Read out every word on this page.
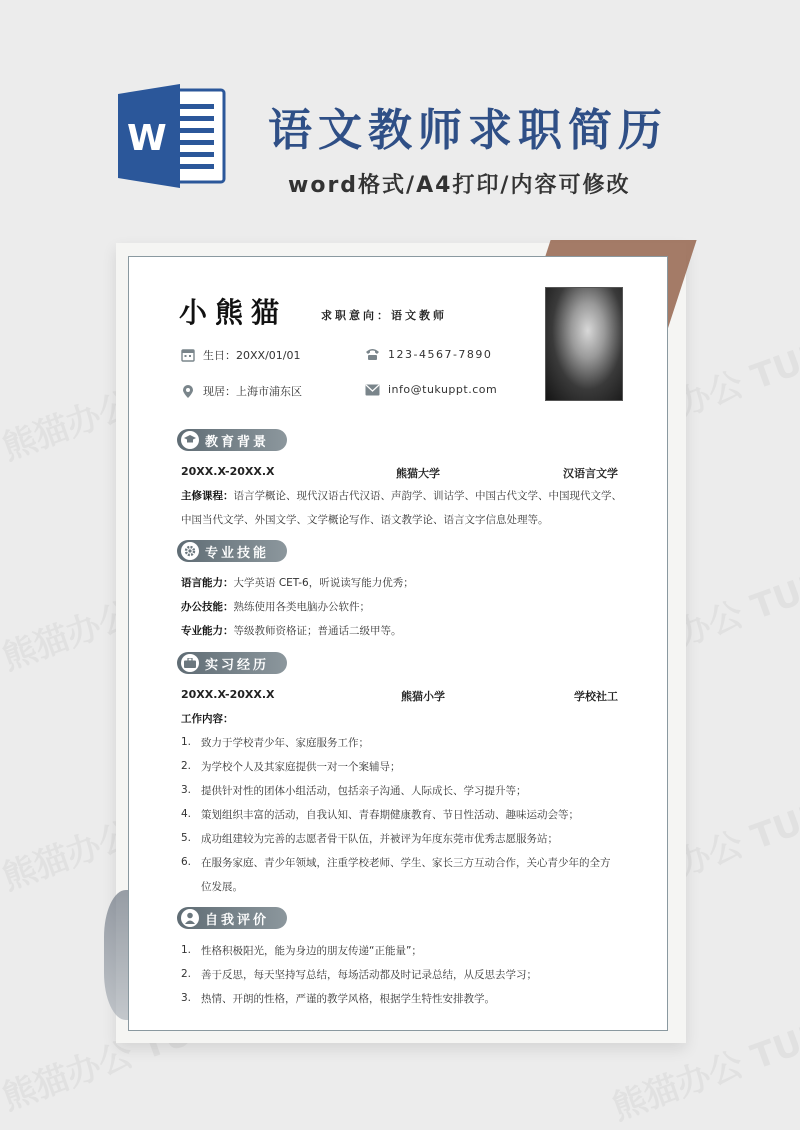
W 语文教师求职简历
word格式/A4打印/内容可修改
小熊猫	求职意向：语文教师
生日：20XX/01/01	123-4567-7890
现居：上海市浦东区	info@tukuppt.com
教育背景
20XX.X-20XX.X	熊猫大学	汉语言文学
主修课程：语言学概论、现代汉语古代汉语、声韵学、训诂学、中国古代文学、中国现代文学、
中国当代文学、外国文学、文学概论写作、语文教学论、语言文字信息处理等。
专业技能
语言能力：大学英语 CET-6，听说读写能力优秀；
办公技能：熟练使用各类电脑办公软件；
专业能力：等级教师资格证；普通话二级甲等。
实习经历
20XX.X-20XX.X	熊猫小学	学校社工
工作内容：
1. 致力于学校青少年、家庭服务工作；
2. 为学校个人及其家庭提供一对一个案辅导；
3. 提供针对性的团体小组活动，包括亲子沟通、人际成长、学习提升等；
4. 策划组织丰富的活动，自我认知、青春期健康教育、节日性活动、趣味运动会等；
5. 成功组建较为完善的志愿者骨干队伍，并被评为年度东莞市优秀志愿服务站；
6. 在服务家庭、青少年领域，注重学校老师、学生、家长三方互动合作，关心青少年的全方
位发展。
自我评价
1. 性格积极阳光，能为身边的朋友传递“正能量”；
2. 善于反思，每天坚持写总结，每场活动都及时记录总结，从反思去学习；
3. 热情、开朗的性格，严谨的教学风格，根据学生特性安排教学。
